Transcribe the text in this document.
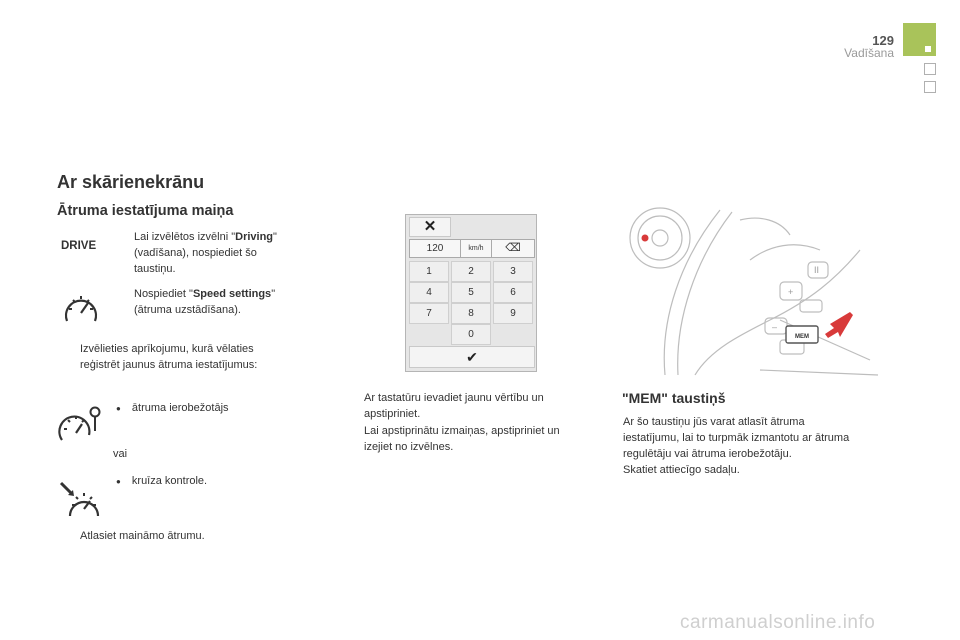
129
Vadīšana
Ar skārienekrānu
Ātruma iestatījuma maiņa
DRIVE
Lai izvēlētos izvēlni "Driving"
(vadīšana), nospiediet šo
taustiņu.
Nospiediet "Speed settings"
(ātruma uzstādīšana).
Izvēlieties aprīkojumu, kurā vēlaties
reģistrēt jaunus ātruma iestatījumus:
● ātruma ierobežotājs
vai
● kruīza kontrole.
Atlasiet maināmo ātrumu.
✕
120	km/h	⌫
1	2	3
4	5	6
7	8	9
0
✔
Ar tastatūru ievadiet jaunu vērtību un
apstipriniet.
Lai apstiprinātu izmaiņas, apstipriniet un
izejiet no izvēlnes.
+
–
II
MEM
"MEM" taustiņš
Ar šo taustiņu jūs varat atlasīt ātruma
iestatījumu, lai to turpmāk izmantotu ar ātruma
regulētāju vai ātruma ierobežotāju.
Skatiet attiecīgo sadaļu.
carmanualsonline.info
